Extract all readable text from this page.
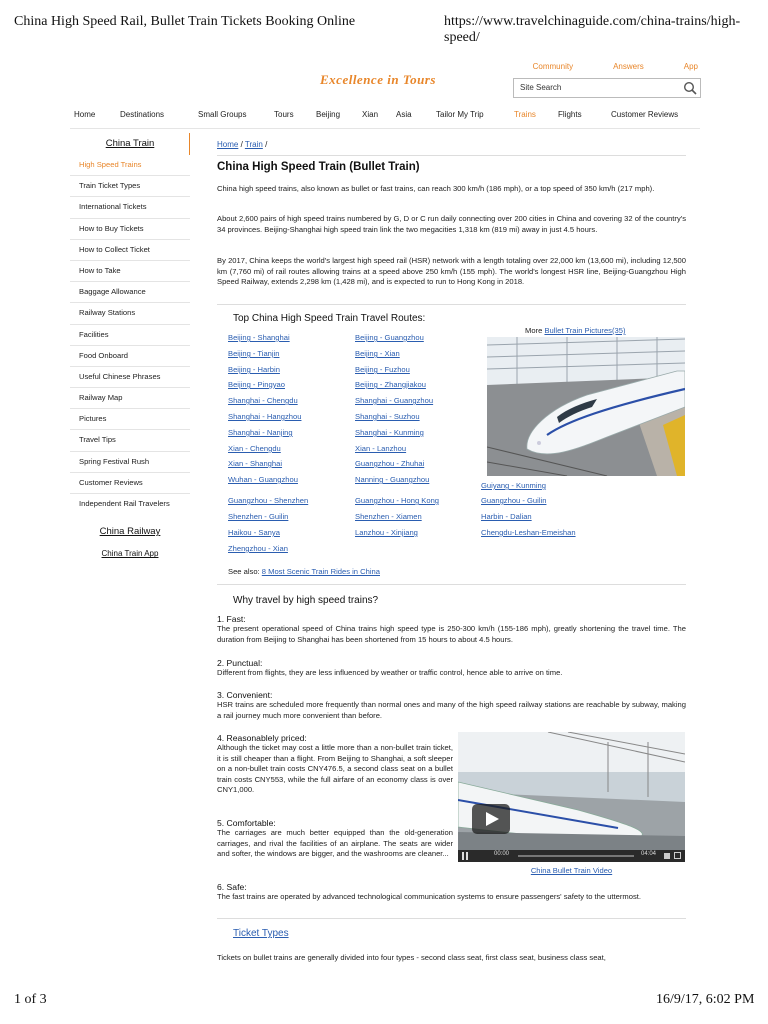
China High Speed Rail, Bullet Train Tickets Booking Online	https://www.travelchinaguide.com/china-trains/high-speed/
Community	Answers	App
Excellence in Tours
Site Search
Home	Destinations	Small Groups	Tours	Beijing	Xian Asia	Tailor My Trip	Trains	Flights	Customer Reviews
China Train
High Speed Trains
Train Ticket Types
International Tickets
How to Buy Tickets
How to Collect Ticket
How to Take
Baggage Allowance
Railway Stations
Facilities
Food Onboard
Useful Chinese Phrases
Railway Map
Pictures
Travel Tips
Spring Festival Rush
Customer Reviews
Independent Rail Travelers
China Railway
China Train App
Home / Train /
China High Speed Train (Bullet Train)
China high speed trains, also known as bullet or fast trains, can reach 300 km/h (186 mph), or a top speed of 350 km/h (217 mph).
About 2,600 pairs of high speed trains numbered by G, D or C run daily connecting over 200 cities in China and covering 32 of the country's 34 provinces. Beijing-Shanghai high speed train link the two megacities 1,318 km (819 mi) away in just 4.5 hours.
By 2017, China keeps the world's largest high speed rail (HSR) network with a length totaling over 22,000 km (13,600 mi), including 12,500 km (7,760 mi) of rail routes allowing trains at a speed above 250 km/h (155 mph). The world's longest HSR line, Beijing-Guangzhou High Speed Railway, extends 2,298 km (1,428 mi), and is expected to run to Hong Kong in 2018.
Top China High Speed Train Travel Routes:
Beijing - Shanghai
Beijing - Tianjin
Beijing - Harbin
Beijing - Pingyao
Shanghai - Chengdu
Shanghai - Hangzhou
Shanghai - Nanjing
Xian - Chengdu
Xian - Shanghai
Wuhan - Guangzhou
Beijing - Guangzhou
Beijing - Xian
Beijing - Fuzhou
Beijing - Zhangjiakou
Shanghai - Guangzhou
Shanghai - Suzhou
Shanghai - Kunming
Xian - Lanzhou
Guangzhou - Zhuhai
Nanning - Guangzhou
More Bullet Train Pictures(35)
Guiyang - Kunming
Guangzhou - Shenzhen
Shenzhen - Guilin
Haikou - Sanya
Zhengzhou - Xian
Guangzhou - Hong Kong
Shenzhen - Xiamen
Lanzhou - Xinjiang
Guangzhou - Guilin
Harbin - Dalian
Chengdu-Leshan-Emeishan
See also: 8 Most Scenic Train Rides in China
Why travel by high speed trains?
1. Fast:
The present operational speed of China trains high speed type is 250-300 km/h (155-186 mph), greatly shortening the travel time. The duration from Beijing to Shanghai has been shortened from 15 hours to about 4.5 hours.
2. Punctual:
Different from flights, they are less influenced by weather or traffic control, hence able to arrive on time.
3. Convenient:
HSR trains are scheduled more frequently than normal ones and many of the high speed railway stations are reachable by subway, making a rail journey much more convenient than before.
4. Reasonablely priced:
Although the ticket may cost a little more than a non-bullet train ticket, it is still cheaper than a flight. From Beijing to Shanghai, a soft sleeper on a non-bullet train costs CNY476.5, a second class seat on a bullet train costs CNY553, while the full airfare of an economy class is over CNY1,000.
5. Comfortable:
The carriages are much better equipped than the old-generation carriages, and rival the facilities of an airplane. The seats are wider and softer, the windows are bigger, and the washrooms are cleaner...
6. Safe:
The fast trains are operated by advanced technological communication systems to ensure passengers' safety to the uttermost.
00:00	04:04
China Bullet Train Video
Ticket Types
Tickets on bullet trains are generally divided into four types - second class seat, first class seat, business class seat,
1 of 3	16/9/17, 6:02 PM
